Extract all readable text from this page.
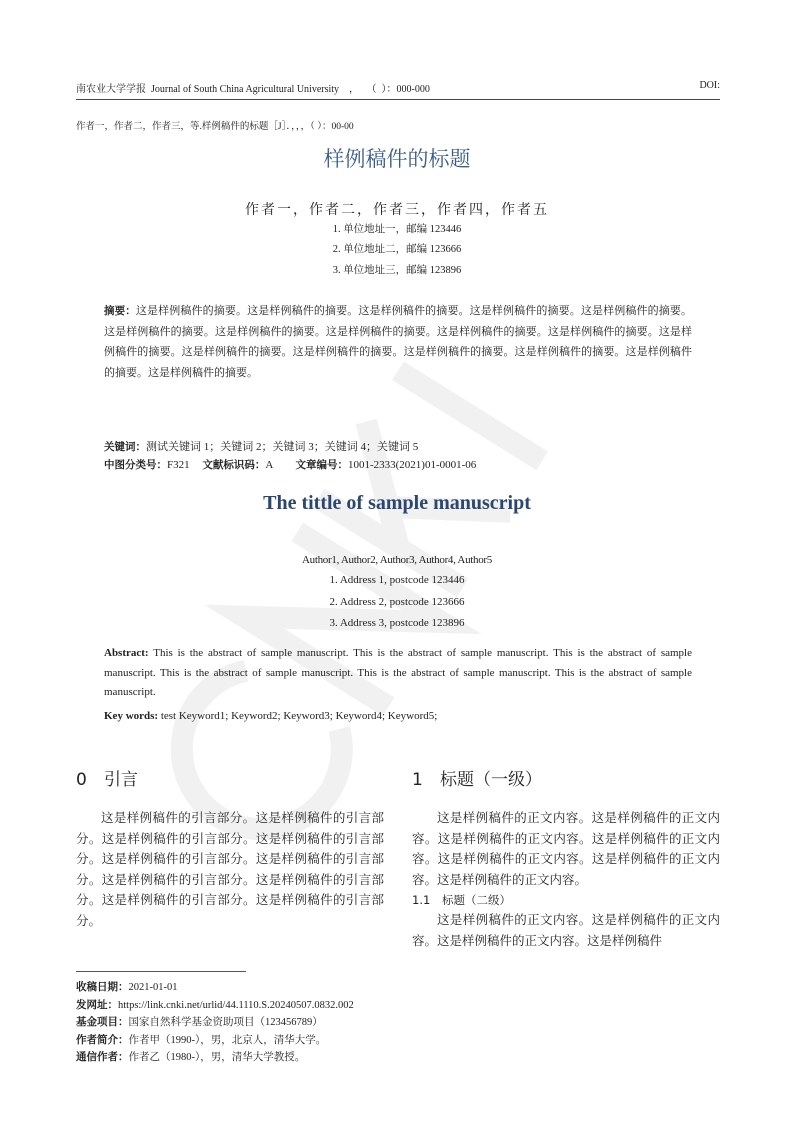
南农业大学学报  Journal of South China Agricultural University    ，   （  ）：000-000	DOI:
作者一，作者二，作者三，等.样例稿件的标题［J］．，，，（ ）：00-00
样例稿件的标题
作者一，作者二，作者三，作者四，作者五
1. 单位地址一，邮编 123446
2. 单位地址二，邮编 123666
3. 单位地址三，邮编 123896
摘要：这是样例稿件的摘要。这是样例稿件的摘要。这是样例稿件的摘要。这是样例稿件的摘要。这是样例稿件的摘要。这是样例稿件的摘要。这是样例稿件的摘要。这是样例稿件的摘要。这是样例稿件的摘要。这是样例稿件的摘要。这是样例稿件的摘要。这是样例稿件的摘要。这是样例稿件的摘要。这是样例稿件的摘要。这是样例稿件的摘要。这是样例稿件的摘要。这是样例稿件的摘要。
关键词：测试关键词 1；关键词 2；关键词 3；关键词 4；关键词 5
中图分类号：F321 文献标识码：A 文章编号：1001-2333(2021)01-0001-06
The tittle of sample manuscript
Author1, Author2, Author3, Author4, Author5
1. Address 1, postcode 123446
2. Address 2, postcode 123666
3. Address 3, postcode 123896
Abstract: This is the abstract of sample manuscript. This is the abstract of sample manuscript. This is the abstract of sample manuscript. This is the abstract of sample manuscript. This is the abstract of sample manuscript. This is the abstract of sample manuscript.
Key words: test Keyword1; Keyword2; Keyword3; Keyword4; Keyword5;
0 引言
这是样例稿件的引言部分。这是样例稿件的引言部分。这是样例稿件的引言部分。这是样例稿件的引言部分。这是样例稿件的引言部分。这是样例稿件的引言部分。这是样例稿件的引言部分。这是样例稿件的引言部分。这是样例稿件的引言部分。这是样例稿件的引言部分。
1 标题（一级）
这是样例稿件的正文内容。这是样例稿件的正文内容。这是样例稿件的正文内容。这是样例稿件的正文内容。这是样例稿件的正文内容。这是样例稿件的正文内容。这是样例稿件的正文内容。
1.1 标题（二级）
这是样例稿件的正文内容。这是样例稿件的正文内容。这是样例稿件的正文内容。这是样例稿件
收稿日期：2021-01-01
发网址：https://link.cnki.net/urlid/44.1110.S.20240507.0832.002
基金项目：国家自然科学基金资助项目（123456789）
作者简介：作者甲（1990-），男，北京人，清华大学。
通信作者：作者乙（1980-），男，清华大学教授。
